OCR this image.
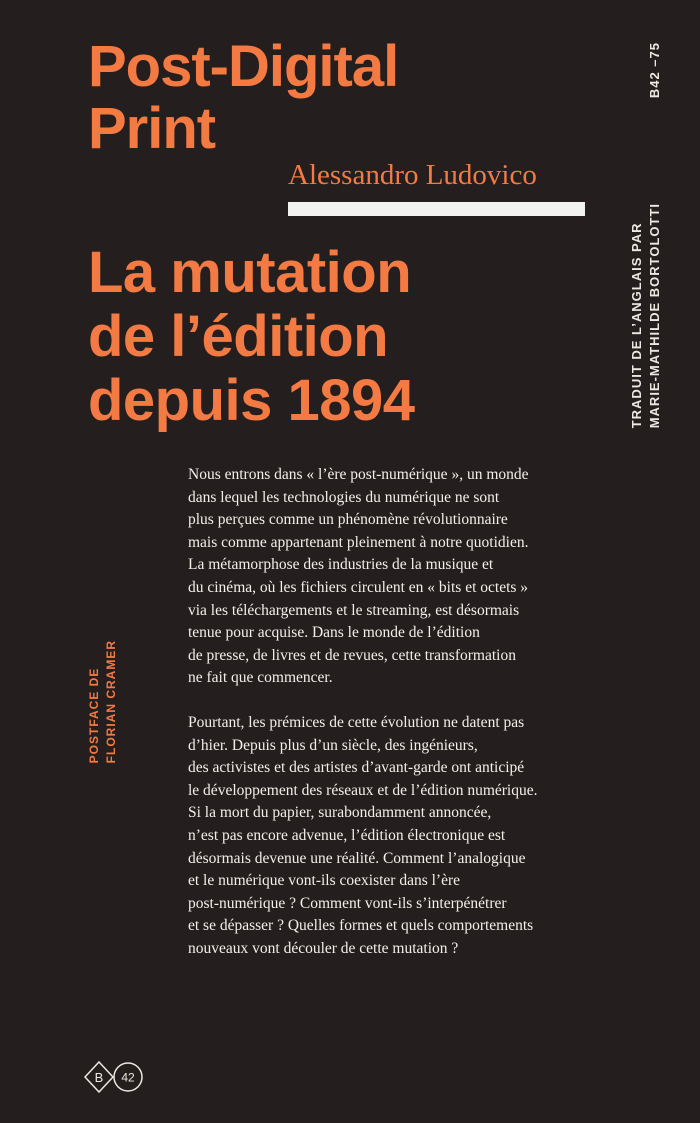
Post-Digital
Print
Alessandro Ludovico
La mutation
de l’édition
depuis 1894
B42 –75
TRADUIT DE L’ANGLAIS PAR MARIE-MATHILDE BORTOLOTTI
POSTFACE DE FLORIAN CRAMER

Nous entrons dans « l’ère post-numérique », un monde
dans lequel les technologies du numérique ne sont
plus perçues comme un phénomène révolutionnaire
mais comme appartenant pleinement à notre quotidien.
La métamorphose des industries de la musique et
du cinéma, où les fichiers circulent en « bits et octets »
via les téléchargements et le streaming, est désormais
tenue pour acquise. Dans le monde de l’édition
de presse, de livres et de revues, cette transformation
ne fait que commencer.

Pourtant, les prémices de cette évolution ne datent pas
d’hier. Depuis plus d’un siècle, des ingénieurs,
des activistes et des artistes d’avant-garde ont anticipé
le développement des réseaux et de l’édition numérique.
Si la mort du papier, surabondamment annoncée,
n’est pas encore advenue, l’édition électronique est
désormais devenue une réalité. Comment l’analogique
et le numérique vont-ils coexister dans l’ère
post-numérique ? Comment vont-ils s’interpénétrer
et se dépasser ? Quelles formes et quels comportements
nouveaux vont découler de cette mutation ?

B 42
